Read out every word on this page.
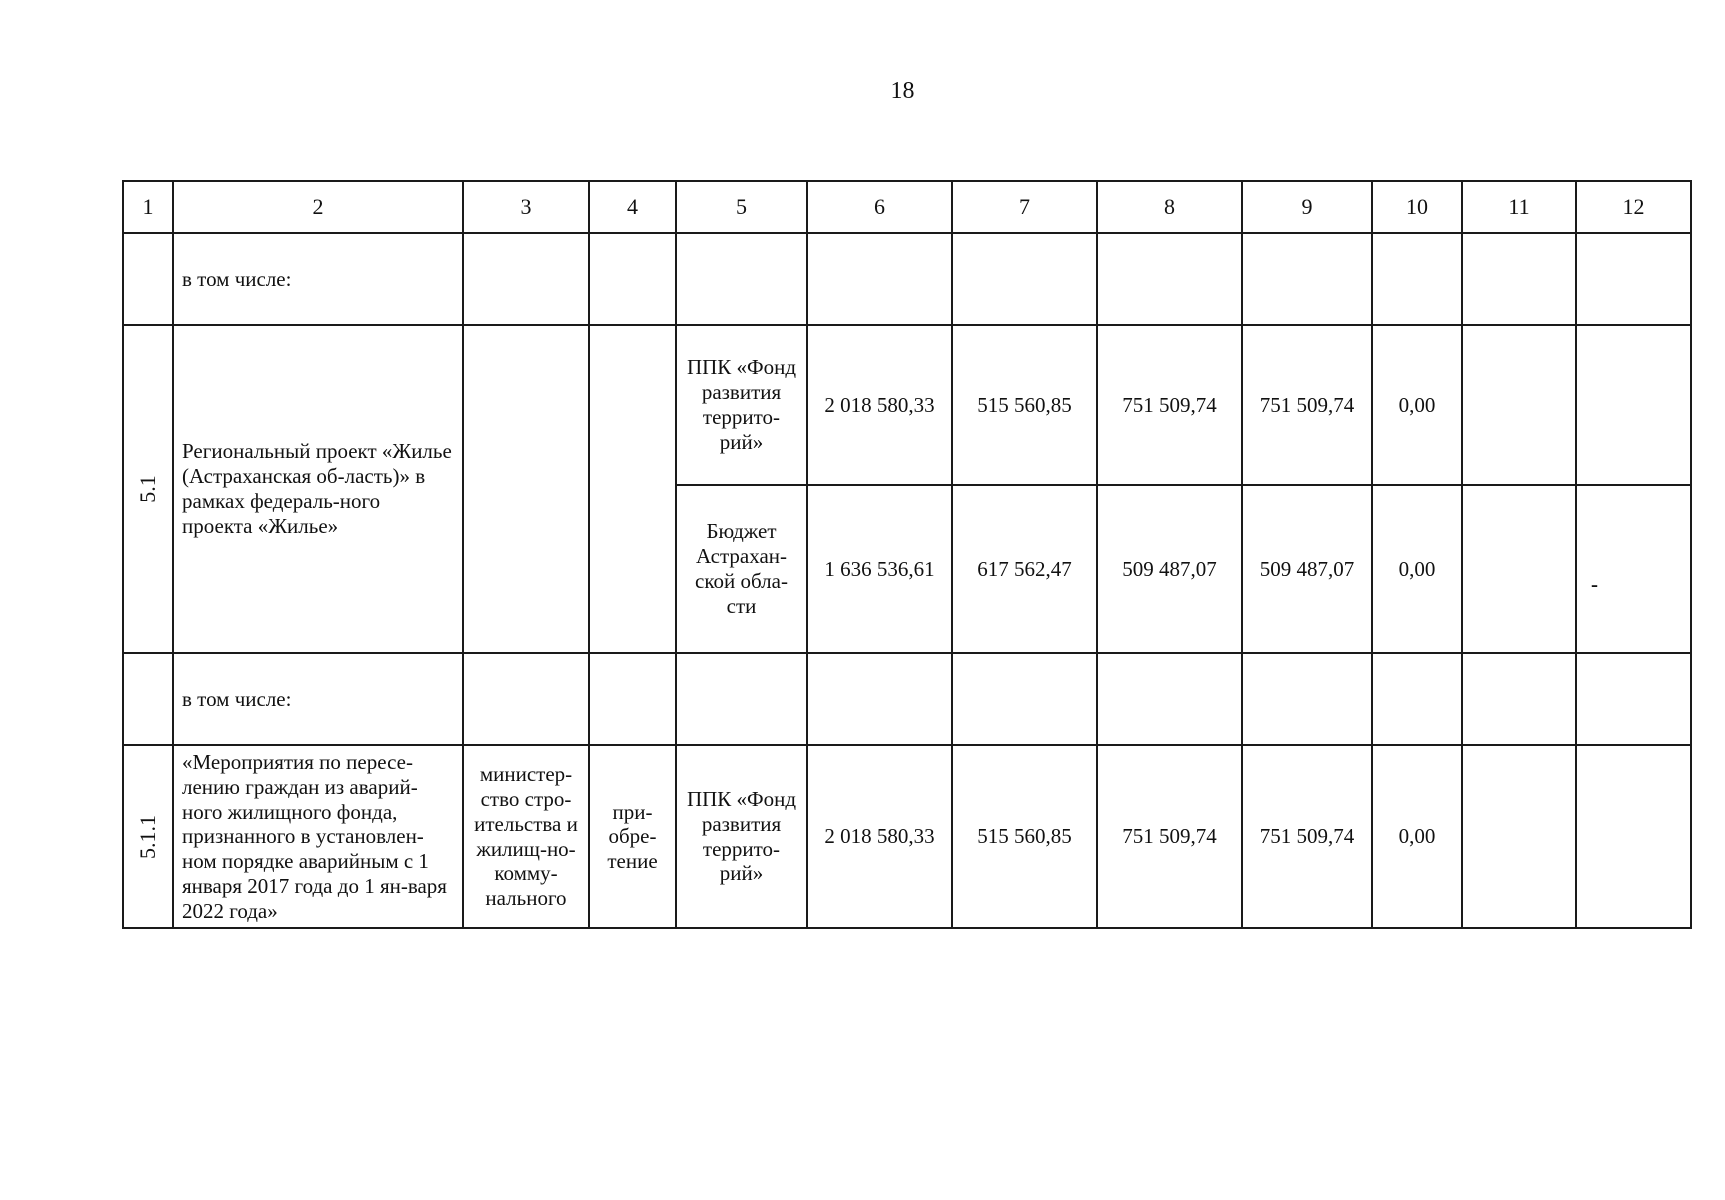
18
1	2	3	4	5	6	7	8	9	10	11	12
	в том числе:										
5.1	Региональный проект «Жилье (Астраханская об-ласть)» в рамках федераль-ного проекта «Жилье»			ППК «Фонд развития террито-рий»	2 018 580,33	515 560,85	751 509,74	751 509,74	0,00		
				Бюджет Астрахан-ской обла-сти	1 636 536,61	617 562,47	509 487,07	509 487,07	0,00		-

	в том числе:										
5.1.1	«Мероприятия по пересе-лению граждан из аварий-ного жилищного фонда, признанного в установлен-ном порядке аварийным с 1 января 2017 года до 1 ян-варя 2022 года»	министер-ство стро-ительства и жилищ-но-комму-нального	при-обре-тение	ППК «Фонд развития террито-рий»	2 018 580,33	515 560,85	751 509,74	751 509,74	0,00		
